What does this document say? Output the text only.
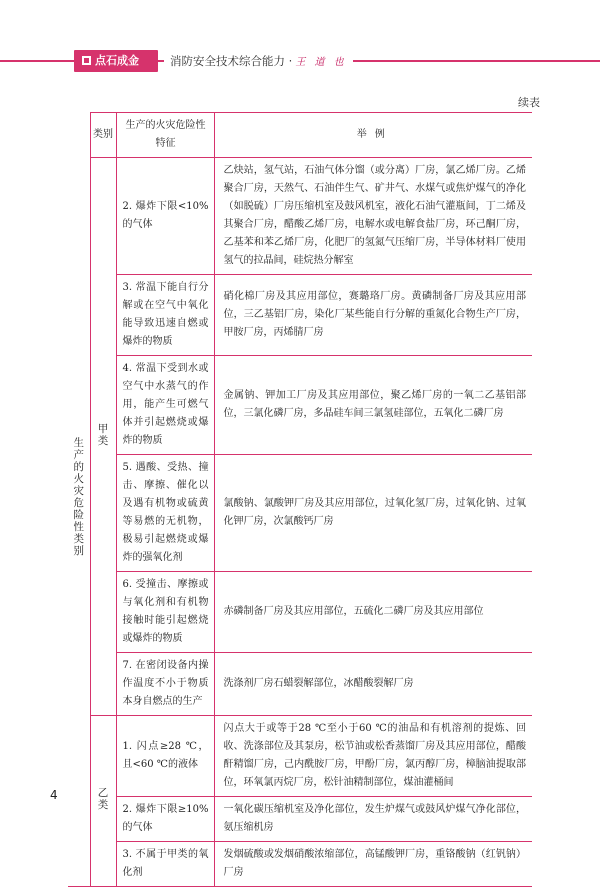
点石成金	消防安全技术综合能力 · 王 道 也
续表
生产的火灾危险性类别	类别	生产的火灾危险性特征	举例
	甲类	2. 爆炸下限<10%的气体	乙炔站，氢气站，石油气体分馏（或分离）厂房，氯乙烯厂房。乙烯聚合厂房，天然气、石油伴生气、矿井气、水煤气或焦炉煤气的净化（如脱硫）厂房压缩机室及鼓风机室，液化石油气灌瓶间，丁二烯及其聚合厂房，醋酸乙烯厂房，电解水或电解食盐厂房，环己酮厂房，乙基苯和苯乙烯厂房，化肥厂的氢氮气压缩厂房，半导体材料厂使用氢气的拉晶间，硅烷热分解室
		3. 常温下能自行分解或在空气中氧化能导致迅速自燃或爆炸的物质	硝化棉厂房及其应用部位，赛璐珞厂房。黄磷制备厂房及其应用部位，三乙基铝厂房，染化厂某些能自行分解的重氮化合物生产厂房，甲胺厂房，丙烯腈厂房
		4. 常温下受到水或空气中水蒸气的作用，能产生可燃气体并引起燃烧或爆炸的物质	金属钠、钾加工厂房及其应用部位，聚乙烯厂房的一氧二乙基铝部位，三氯化磷厂房，多晶硅车间三氯氢硅部位，五氧化二磷厂房
		5. 遇酸、受热、撞击、摩擦、催化以及遇有机物或硫黄等易燃的无机物，极易引起燃烧或爆炸的强氧化剂	氯酸钠、氯酸钾厂房及其应用部位，过氧化氢厂房，过氧化钠、过氧化钾厂房，次氯酸钙厂房
		6. 受撞击、摩擦或与氧化剂和有机物接触时能引起燃烧或爆炸的物质	赤磷制备厂房及其应用部位，五硫化二磷厂房及其应用部位
		7. 在密闭设备内操作温度不小于物质本身自燃点的生产	洗涤剂厂房石蜡裂解部位，冰醋酸裂解厂房
	乙类	1. 闪点≥28 ℃，且<60 ℃的液体	闪点大于或等于28 ℃至小于60 ℃的油品和有机溶剂的提炼、回收、洗涤部位及其泵房，松节油或松香蒸馏厂房及其应用部位，醋酸酐精馏厂房，己内酰胺厂房，甲酚厂房，氯丙醇厂房，樟脑油提取部位，环氧氯丙烷厂房，松针油精制部位，煤油灌桶间
		2. 爆炸下限≥10%的气体	一氧化碳压缩机室及净化部位，发生炉煤气或鼓风炉煤气净化部位，氨压缩机房
		3. 不属于甲类的氧化剂	发烟硫酸或发烟硝酸浓缩部位，高锰酸钾厂房，重铬酸钠（红钒钠）厂房
4
